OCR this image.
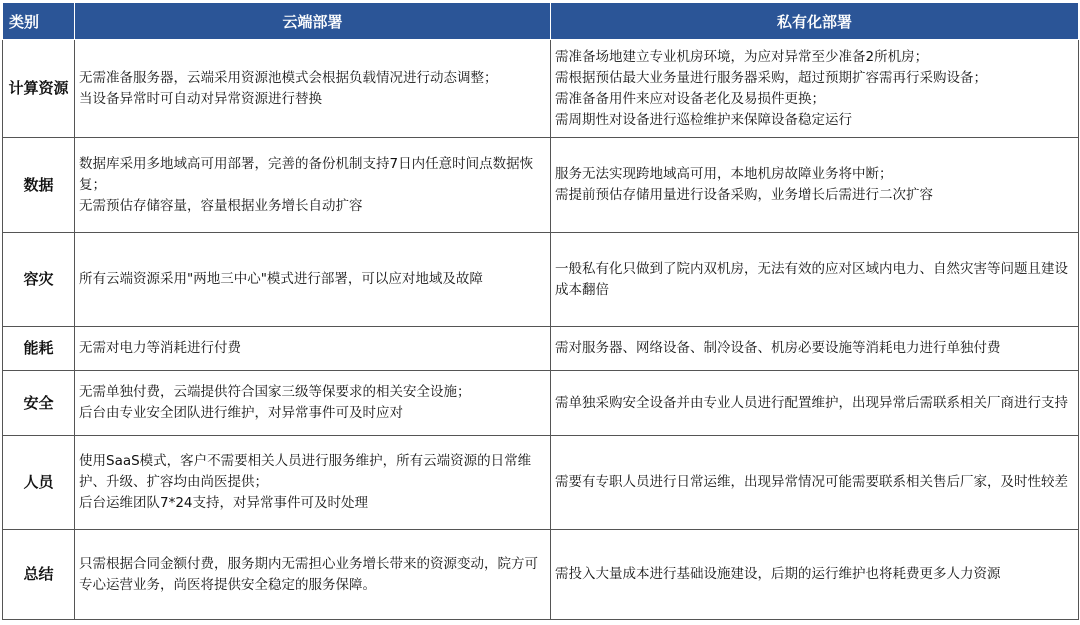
类别	云端部署	私有化部署
计算资源	无需准备服务器，云端采用资源池模式会根据负载情况进行动态调整；
当设备异常时可自动对异常资源进行替换	需准备场地建立专业机房环境，为应对异常至少准备2所机房；
需根据预估最大业务量进行服务器采购，超过预期扩容需再行采购设备；
需准备备用件来应对设备老化及易损件更换；
需周期性对设备进行巡检维护来保障设备稳定运行

数据	数据库采用多地域高可用部署，完善的备份机制支持7日内任意时间点数据恢复；
无需预估存储容量，容量根据业务增长自动扩容	服务无法实现跨地域高可用，本地机房故障业务将中断；
需提前预估存储用量进行设备采购，业务增长后需进行二次扩容

容灾	所有云端资源采用"两地三中心"模式进行部署，可以应对地域及故障	一般私有化只做到了院内双机房，无法有效的应对区域内电力、自然灾害等问题且建设成本翻倍

能耗	无需对电力等消耗进行付费	需对服务器、网络设备、制冷设备、机房必要设施等消耗电力进行单独付费

安全	无需单独付费，云端提供符合国家三级等保要求的相关安全设施；
后台由专业安全团队进行维护，对异常事件可及时应对	需单独采购安全设备并由专业人员进行配置维护，出现异常后需联系相关厂商进行支持

人员	使用SaaS模式，客户不需要相关人员进行服务维护，所有云端资源的日常维护、升级、扩容均由尚医提供；
后台运维团队7*24支持，对异常事件可及时处理	需要有专职人员进行日常运维，出现异常情况可能需要联系相关售后厂家，及时性较差

总结	只需根据合同金额付费，服务期内无需担心业务增长带来的资源变动，院方可专心运营业务，尚医将提供安全稳定的服务保障。	需投入大量成本进行基础设施建设，后期的运行维护也将耗费更多人力资源
